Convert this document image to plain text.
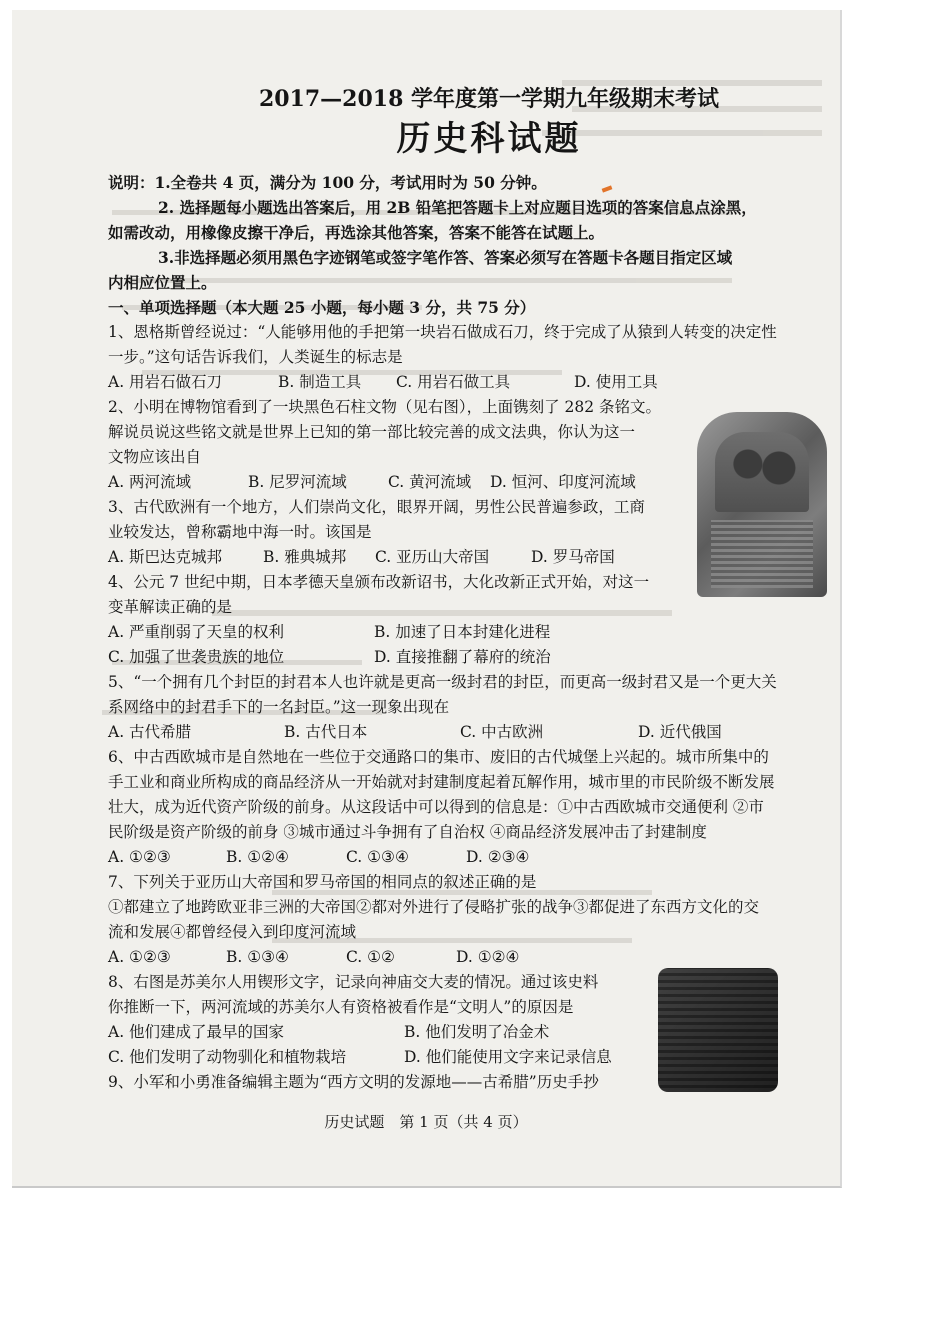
2017—2018 学年度第一学期九年级期末考试

历史科试题

说明：1.全卷共 4 页，满分为 100 分，考试用时为 50 分钟。

2. 选择题每小题选出答案后，用 2B 铅笔把答题卡上对应题目选项的答案信息点涂黑，

如需改动，用橡像皮擦干净后，再选涂其他答案，答案不能答在试题上。

3.非选择题必须用黑色字迹钢笔或签字笔作答、答案必须写在答题卡各题目指定区域

内相应位置上。

一、单项选择题（本大题 25 小题，每小题 3 分，共 75 分）

1、恩格斯曾经说过：“人能够用他的手把第一块岩石做成石刀，终于完成了从猿到人转变的决定性

一步。”这句话告诉我们，人类诞生的标志是

A. 用岩石做石刀	B. 制造工具	C. 用岩石做工具	D. 使用工具

2、小明在博物馆看到了一块黑色石柱文物（见右图），上面镌刻了 282 条铭文。

解说员说这些铭文就是世界上已知的第一部比较完善的成文法典，你认为这一

文物应该出自

A. 两河流域	B. 尼罗河流域	C. 黄河流域	D. 恒河、印度河流域

3、古代欧洲有一个地方，人们崇尚文化，眼界开阔，男性公民普遍参政，工商

业较发达，曾称霸地中海一时。该国是

A. 斯巴达克城邦	B. 雅典城邦	C. 亚历山大帝国	D. 罗马帝国

4、公元 7 世纪中期，日本孝德天皇颁布改新诏书，大化改新正式开始，对这一

变革解读正确的是

A. 严重削弱了天皇的权利	B. 加速了日本封建化进程
C. 加强了世袭贵族的地位	D. 直接推翻了幕府的统治

5、“一个拥有几个封臣的封君本人也许就是更高一级封君的封臣，而更高一级封君又是一个更大关

系网络中的封君手下的一名封臣。”这一现象出现在

A. 古代希腊	B. 古代日本	C. 中古欧洲	D. 近代俄国

6、中古西欧城市是自然地在一些位于交通路口的集市、废旧的古代城堡上兴起的。城市所集中的

手工业和商业所构成的商品经济从一开始就对封建制度起着瓦解作用，城市里的市民阶级不断发展

壮大，成为近代资产阶级的前身。从这段话中可以得到的信息是：①中古西欧城市交通便利 ②市

民阶级是资产阶级的前身 ③城市通过斗争拥有了自治权 ④商品经济发展冲击了封建制度

A. ①②③	B. ①②④	C. ①③④	D. ②③④

7、下列关于亚历山大帝国和罗马帝国的相同点的叙述正确的是

①都建立了地跨欧亚非三洲的大帝国②都对外进行了侵略扩张的战争③都促进了东西方文化的交

流和发展④都曾经侵入到印度河流域

A. ①②③	B. ①③④	C. ①②	D. ①②④

8、右图是苏美尔人用锲形文字，记录向神庙交大麦的情况。通过该史料

你推断一下，两河流域的苏美尔人有资格被看作是“文明人”的原因是

A. 他们建成了最早的国家	B. 他们发明了冶金术
C. 他们发明了动物驯化和植物栽培	D. 他们能使用文字来记录信息

9、小军和小勇准备编辑主题为“西方文明的发源地——古希腊”历史手抄

历史试题　第 1 页（共 4 页）
